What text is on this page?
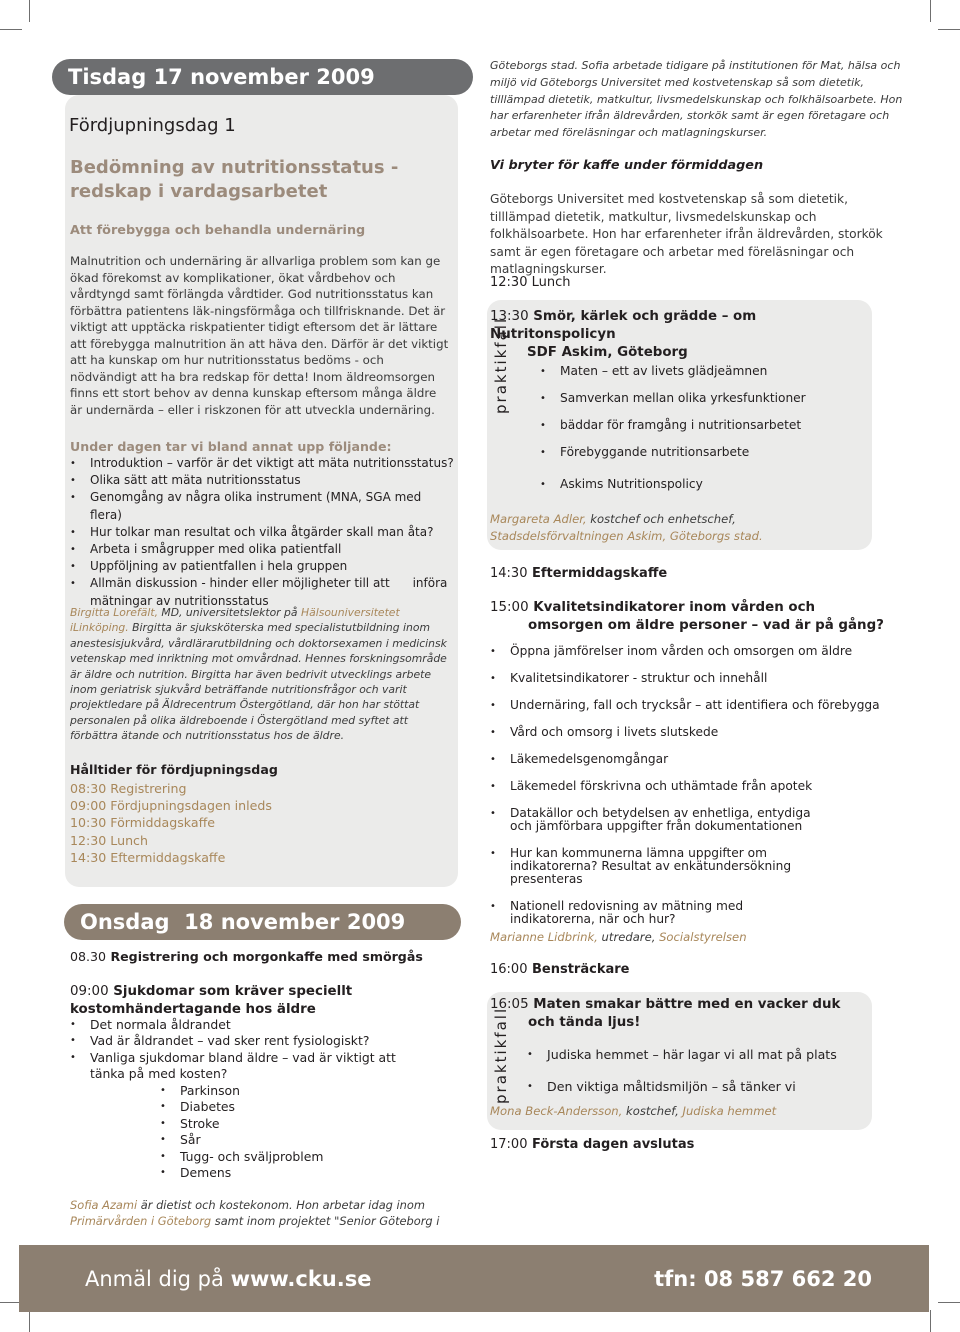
Tisdag 17 november 2009
Fördjupningsdag 1
Bedömning av nutritionsstatus - redskap i vardagsarbetet
Att förebygga och behandla undernäring
Malnutrition och undernäring är allvarliga problem som kan ge ökad förekomst av komplikationer, ökat vårdbehov och vårdtyngd samt förlängda vårdtider. God nutritionsstatus kan förbättra patientens läk-ningsförmåga och tillfrisknande. Det är viktigt att upptäcka riskpatienter tidigt eftersom det är lättare att förebygga malnutrition än att häva den. Därför är det viktigt att ha kunskap om hur nutritionsstatus bedöms - och nödvändigt att ha bra redskap för detta! Inom äldreomsorgen finns ett stort behov av denna kunskap eftersom många äldre är undernärda – eller i riskzonen för att utveckla undernäring.
Under dagen tar vi bland annat upp följande:
• Introduktion – varför är det viktigt att mäta nutritionsstatus?
• Olika sätt att mäta nutritionsstatus
• Genomgång av några olika instrument (MNA, SGA med flera)
• Hur tolkar man resultat och vilka åtgärder skall man åta?
• Arbeta i smågrupper med olika patientfall
• Uppföljning av patientfallen i hela gruppen
• Allmän diskussion - hinder eller möjligheter till att      införa mätningar av nutritionsstatus
Birgitta Lorefält, MD, universitetslektor på Hälsouniversitetet iLinköping. Birgitta är sjuksköterska med specialistutbildning inom anestesisjukvård, vårdlärarutbildning och doktorsexamen i medicinsk vetenskap med inriktning mot omvårdnad. Hennes forskningsområde är äldre och nutrition. Birgitta har även bedrivit utvecklings arbete inom geriatrisk sjukvård beträffande nutritionsfrågor och varit projektledare på Äldrecentrum Östergötland, där hon har stöttat personalen på olika äldreboende i Östergötland med syftet att förbättra ätande och nutritionsstatus hos de äldre.
Hålltider för fördjupningsdag
08:30 Registrering
09:00 Fördjupningsdagen inleds
10:30 Förmiddagskaffe
12:30 Lunch
14:30 Eftermiddagskaffe
Onsdag  18 november 2009
08.30 Registrering och morgonkaffe med smörgås
09:00 Sjukdomar som kräver speciellt kostomhändertagande hos äldre
• Det normala åldrandet
• Vad är åldrandet – vad sker rent fysiologiskt?
• Vanliga sjukdomar bland äldre – vad är viktigt att tänka på med kosten?
• Parkinson
• Diabetes
• Stroke
• Sår
• Tugg- och sväljproblem
• Demens
Sofia Azami är dietist och kostekonom. Hon arbetar idag inom Primärvården i Göteborg samt inom projektet "Senior Göteborg i
Göteborgs stad. Sofia arbetade tidigare på institutionen för Mat, hälsa och miljö vid Göteborgs Universitet med kostvetenskap så som dietetik, tilllämpad dietetik, matkultur, livsmedelskunskap och folkhälsoarbete. Hon har erfarenheter ifrån äldrevården, storkök samt är egen företagare och arbetar med föreläsningar och matlagningskurser.
Vi bryter för kaffe under förmiddagen
Göteborgs Universitet med kostvetenskap så som dietetik, tilllämpad dietetik, matkultur, livsmedelskunskap och folkhälsoarbete. Hon har erfarenheter ifrån äldrevården, storkök samt är egen företagare och arbetar med föreläsningar och matlagningskurser.
12:30 Lunch
praktikfall
13:30 Smör, kärlek och grädde – om Nutritonspolicyn
SDF Askim, Göteborg
• Maten – ett av livets glädjeämnen
• Samverkan mellan olika yrkesfunktioner
• bäddar för framgång i nutritionsarbetet
• Förebyggande nutritionsarbete
• Askims Nutritionspolicy
Margareta Adler, kostchef och enhetschef, Stadsdelsförvaltningen Askim, Göteborgs stad.
14:30 Eftermiddagskaffe
15:00 Kvalitetsindikatorer inom vården och omsorgen om äldre personer – vad är på gång?
• Öppna jämförelser inom vården och omsorgen om äldre
• Kvalitetsindikatorer - struktur och innehåll
• Undernäring, fall och trycksår – att identifiera och förebygga
• Vård och omsorg i livets slutskede
• Läkemedelsgenomgångar
• Läkemedel förskrivna och uthämtade från apotek
• Datakällor och betydelsen av enhetliga, entydiga och jämförbara uppgifter från dokumentationen
• Hur kan kommunerna lämna uppgifter om indikatorerna? Resultat av enkätundersökning presenteras
• Nationell redovisning av mätning med indikatorerna, när och hur?
Marianne Lidbrink, utredare, Socialstyrelsen
16:00 Bensträckare
praktikfall
16:05 Maten smakar bättre med en vacker duk och tända ljus!
• Judiska hemmet – här lagar vi all mat på plats
• Den viktiga måltidsmiljön – så tänker vi
Mona Beck-Andersson, kostchef, Judiska hemmet
17:00 Första dagen avslutas
Anmäl dig på www.cku.se	tfn: 08 587 662 20
